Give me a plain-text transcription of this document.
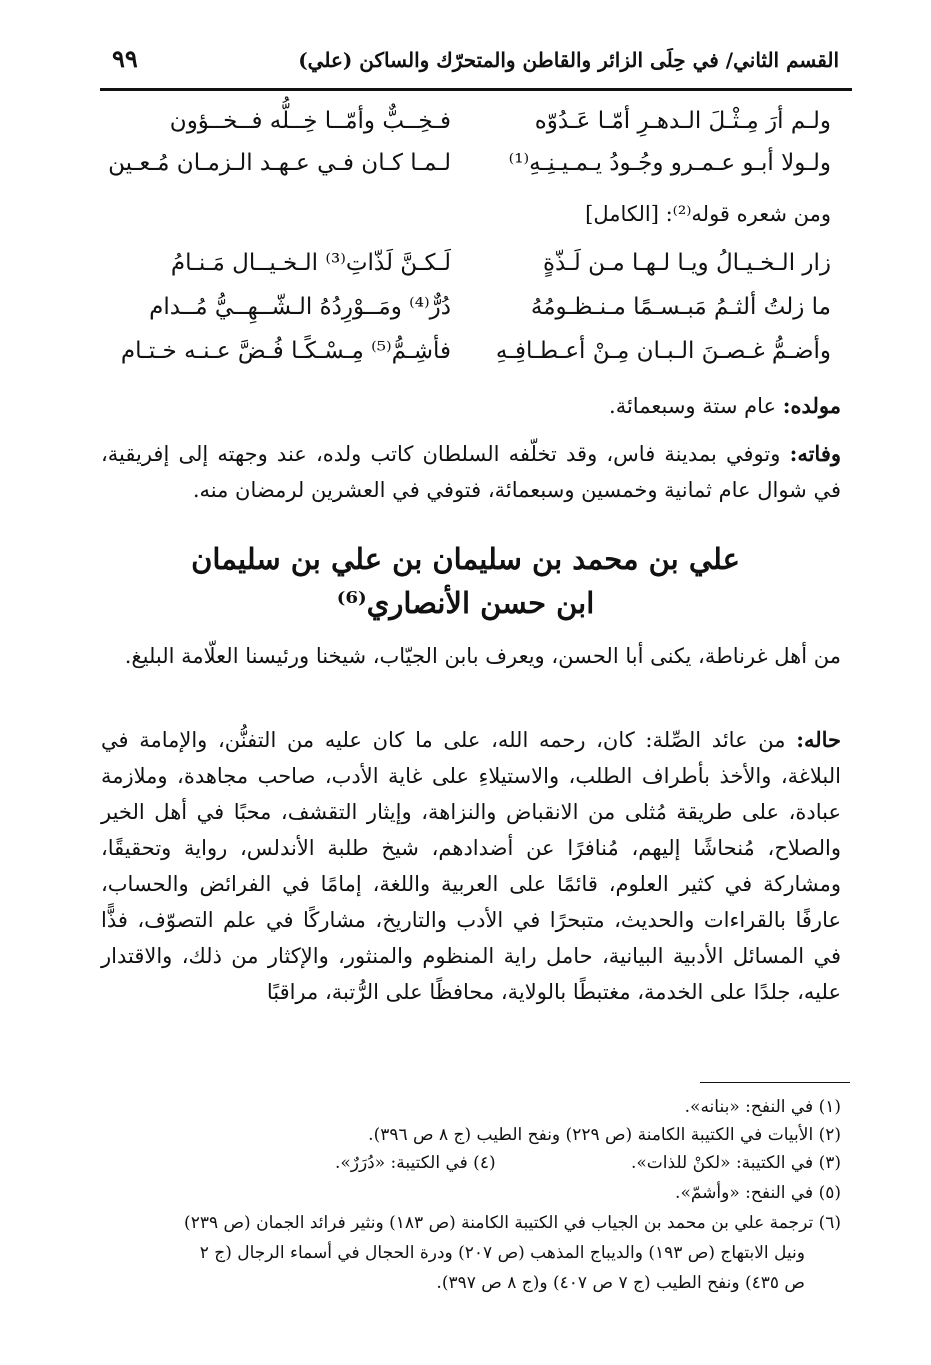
القسم الثاني/ في حِلَى الزائر والقاطن والمتحرّك والساكن (علي)
٩٩
ولـم أرَ مِـثْـلَ الـدهـرِ أمّـا عَـدُوّه
فـخِــبٌّ وأمّــا خِــلُّه فــخــؤون
ولـولا أبـو عـمـرو وجُـودُ يـمـيـنِـهِ⁽¹⁾
لـمـا كـان فـي عـهـد الـزمـان مُـعـين
ومن شعره قوله⁽²⁾: [الكامل]
زار الـخـيـالُ ويـا لـهـا مـن لَـذّةٍ
لَـكـنَّ لَذّاتِ⁽³⁾ الـخـيــال مَـنـامُ
ما زلتُ ألثـمُ مَبـسـمًا مـنـظـومُهُ
دُرٌّ⁽⁴⁾ ومَــوْرِدُهُ الـشّــهِــيُّ مُــدام
وأضـمُّ غـصـنَ الـبـان مِـنْ أعـطـافِـهِ
فأشِـمُّ⁽⁵⁾ مِـسْـكًـا فُـضَّ عـنـه خـتـام
مولده: عام ستة وسبعمائة.
وفاته: وتوفي بمدينة فاس، وقد تخلّفه السلطان كاتب ولده، عند وجهته إلى إفريقية، في شوال عام ثمانية وخمسين وسبعمائة، فتوفي في العشرين لرمضان منه.
علي بن محمد بن سليمان بن علي بن سليمان
ابن حسن الأنصاري⁽⁶⁾
من أهل غرناطة، يكنى أبا الحسن، ويعرف بابن الجيّاب، شيخنا ورئيسنا العلّامة البليغ.
حاله: من عائد الصِّلة: كان، رحمه الله، على ما كان عليه من التفنُّن، والإمامة في البلاغة، والأخذ بأطراف الطلب، والاستيلاءِ على غاية الأدب، صاحب مجاهدة، وملازمة عبادة، على طريقة مُثلى من الانقباض والنزاهة، وإيثار التقشف، محبًا في أهل الخير والصلاح، مُنحاشًا إليهم، مُنافرًا عن أضدادهم، شيخ طلبة الأندلس، رواية وتحقيقًا، ومشاركة في كثير العلوم، قائمًا على العربية واللغة، إمامًا في الفرائض والحساب، عارفًا بالقراءات والحديث، متبحرًا في الأدب والتاريخ، مشاركًا في علم التصوّف، فذًّا في المسائل الأدبية البيانية، حامل راية المنظوم والمنثور، والإكثار من ذلك، والاقتدار عليه، جلدًا على الخدمة، مغتبطًا بالولاية، محافظًا على الرُّتبة، مراقبًا
(١) في النفح: «بنانه».
(٢) الأبيات في الكتيبة الكامنة (ص ٢٢٩) ونفح الطيب (ج ٨ ص ٣٩٦).
(٣) في الكتيبة: «لكنْ للذات». (٤) في الكتيبة: «دُرَرٌ».
(٥) في النفح: «وأشمّ».
(٦) ترجمة علي بن محمد بن الجياب في الكتيبة الكامنة (ص ١٨٣) ونثير فرائد الجمان (ص ٢٣٩)
ونيل الابتهاج (ص ١٩٣) والديباج المذهب (ص ٢٠٧) ودرة الحجال في أسماء الرجال (ج ٢
ص ٤٣٥) ونفح الطيب (ج ٧ ص ٤٠٧) و(ج ٨ ص ٣٩٧).
